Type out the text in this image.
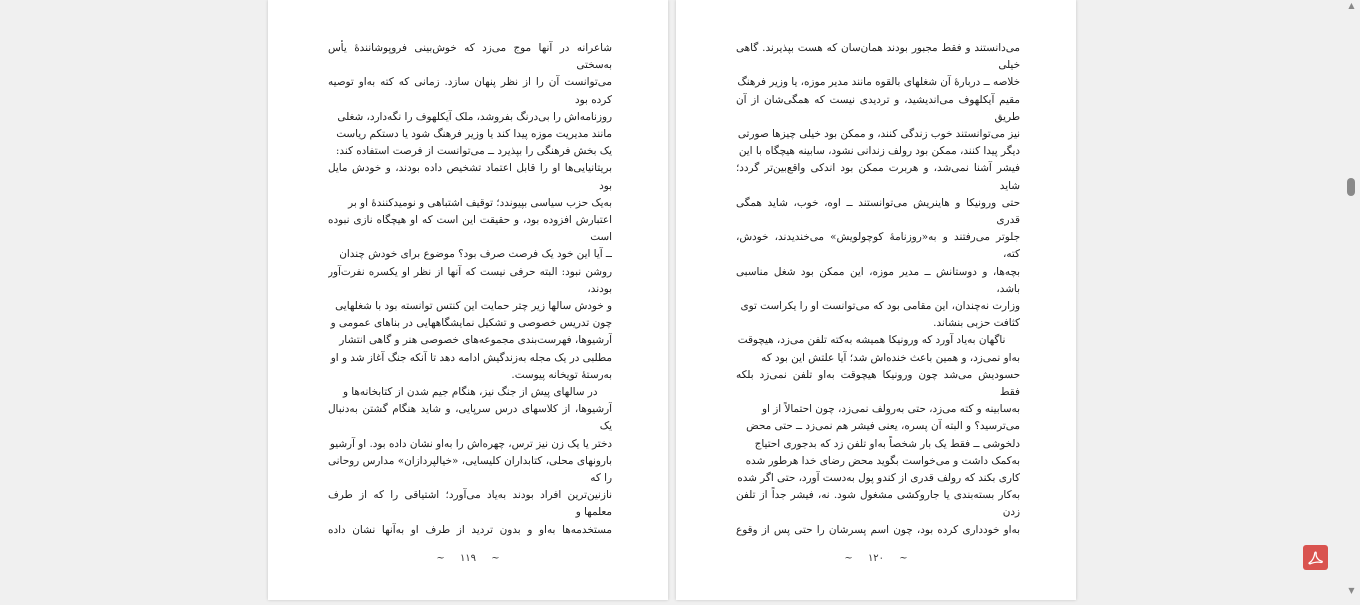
شاعرانه در آنها موج می‌زد که خوش‌بینی فروپوشانندهٔ یأس به‌سختی
می‌توانست آن را از نظر پنهان سازد. زمانی که کته به‌او توصیه کرده بود
روزنامه‌اش را بی‌درنگ بفروشد، ملک آیکلهوف را نگه‌دارد، شغلی
مانند مدیریت موزه پیدا کند یا وزیر فرهنگ شود یا دستکم ریاست
یک بخش فرهنگی را بپذیرد ــ می‌توانست از فرصت استفاده کند:
بریتانیایی‌ها او را قابل اعتماد تشخیص داده بودند، و خودش مایل بود
به‌یک حزب سیاسی بپیوندد؛ توقیف اشتباهی و نومیدکنندهٔ او بر
اعتبارش افزوده بود، و حقیقت این است که او هیچگاه نازی نبوده است
ــ آیا این خود یک فرصت صرف بود؟ موضوع برای خودش چندان
روشن نبود: البته حرفی نیست که آنها از نظر او یکسره نفرت‌آور بودند،
و خودش سالها زیر چتر حمایت این کنتس توانسته بود با شغلهایی
چون تدریس خصوصی و تشکیل نمایشگاههایی در بناهای عمومی و
آرشیوها، فهرست‌بندی مجموعه‌های خصوصی هنر و گاهی انتشار
مطلبی در یک مجله به‌زندگیش ادامه دهد تا آنکه جنگ آغاز شد و او
به‌رستهٔ تویخانه پیوست.

در سالهای پیش از جنگ نیز، هنگام جیم شدن از کتابخانه‌ها و
آرشیوها، از کلاسهای درس سرپایی، و شاید هنگام گشتن به‌دنبال یک
دختر یا یک زن نیز ترس، چهره‌اش را به‌او نشان داده بود. او آرشیو
بارونهای محلی، کتابداران کلیسایی، «خیالپردازان» مدارس روحانی را که
نازنین‌ترین افراد بودند به‌یاد می‌آورد؛ اشتیاقی را که از طرف معلمها و
مستخدمه‌ها به‌او و بدون تردید از طرف او به‌آنها نشان داده

~ ۱۱۹ ~

می‌دانستند و فقط مجبور بودند همان‌سان که هست بپذیرند. گاهی خیلی
خلاصه ــ دربارهٔ آن شغلهای بالقوه مانند مدیر موزه، یا وزیر فرهنگ
مقیم آیکلهوف می‌اندیشید، و تردیدی نیست که همگی‌شان از آن طریق
نیز می‌توانستند خوب زندگی کنند، و ممکن بود خیلی چیزها صورتی
دیگر پیدا کنند، ممکن بود رولف زندانی نشود، سابینه هیچگاه با این
فیشر آشنا نمی‌شد، و هربرت ممکن بود اندکی واقع‌بین‌تر گردد؛ شاید
حتی ورونیکا و هاینریش می‌توانستند ــ اوه، خوب، شاید همگی قدری
جلوتر می‌رفتند و به‌«روزنامهٔ کوچولویش» می‌خندیدند، خودش، کته،
بچه‌ها، و دوستانش ــ مدیر موزه، این ممکن بود شغل مناسبی باشد،
وزارت نه‌چندان، این مقامی بود که می‌توانست او را یکراست توی
کثافت حزبی بنشاند.

ناگهان به‌یاد آورد که ورونیکا همیشه به‌کته تلفن می‌زد، هیچوقت
به‌او نمی‌زد، و همین باعث خنده‌اش شد؛ آیا علتش این بود که
حسودیش می‌شد چون ورونیکا هیچوقت به‌او تلفن نمی‌زد بلکه فقط
به‌سابینه و کته می‌زد، حتی به‌رولف نمی‌زد، چون احتمالاً از او
می‌ترسید؟ و البته آن پسره، یعنی فیشر هم نمی‌زد ــ حتی محض
دلخوشی ــ فقط یک بار شخصاً به‌او تلفن زد که بدجوری احتیاج
به‌کمک داشت و می‌خواست بگوید محض رضای خدا هرطور شده
کاری بکند که رولف قدری از کندو پول به‌دست آورد، حتی اگر شده
به‌کار بسته‌بندی یا جاروکشی مشغول شود. نه، فیشر جداً از تلفن زدن
به‌او خودداری کرده بود، چون اسم پسرشان را حتی پس از وقوع

~ ۱۲۰ ~
▲
▼
